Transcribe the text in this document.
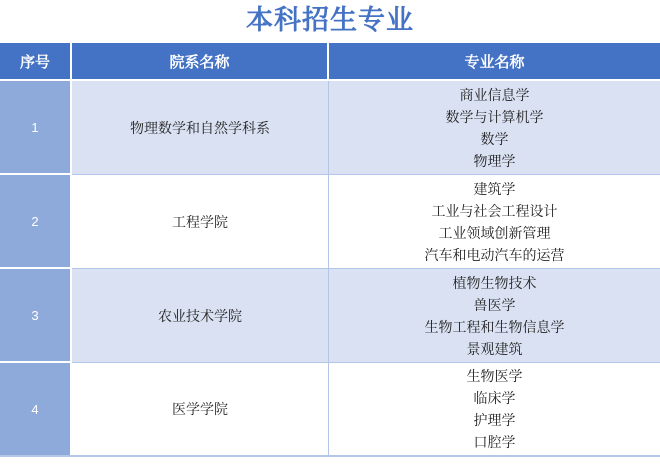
本科招生专业
序号	院系名称	专业名称
1	物理数学和自然学科系	商业信息学
数学与计算机学
数学
物理学

2	工程学院	建筑学
工业与社会工程设计
工业领域创新管理
汽车和电动汽车的运营

3	农业技术学院	植物生物技术
兽医学
生物工程和生物信息学
景观建筑

4	医学学院	生物医学
临床学
护理学
口腔学
